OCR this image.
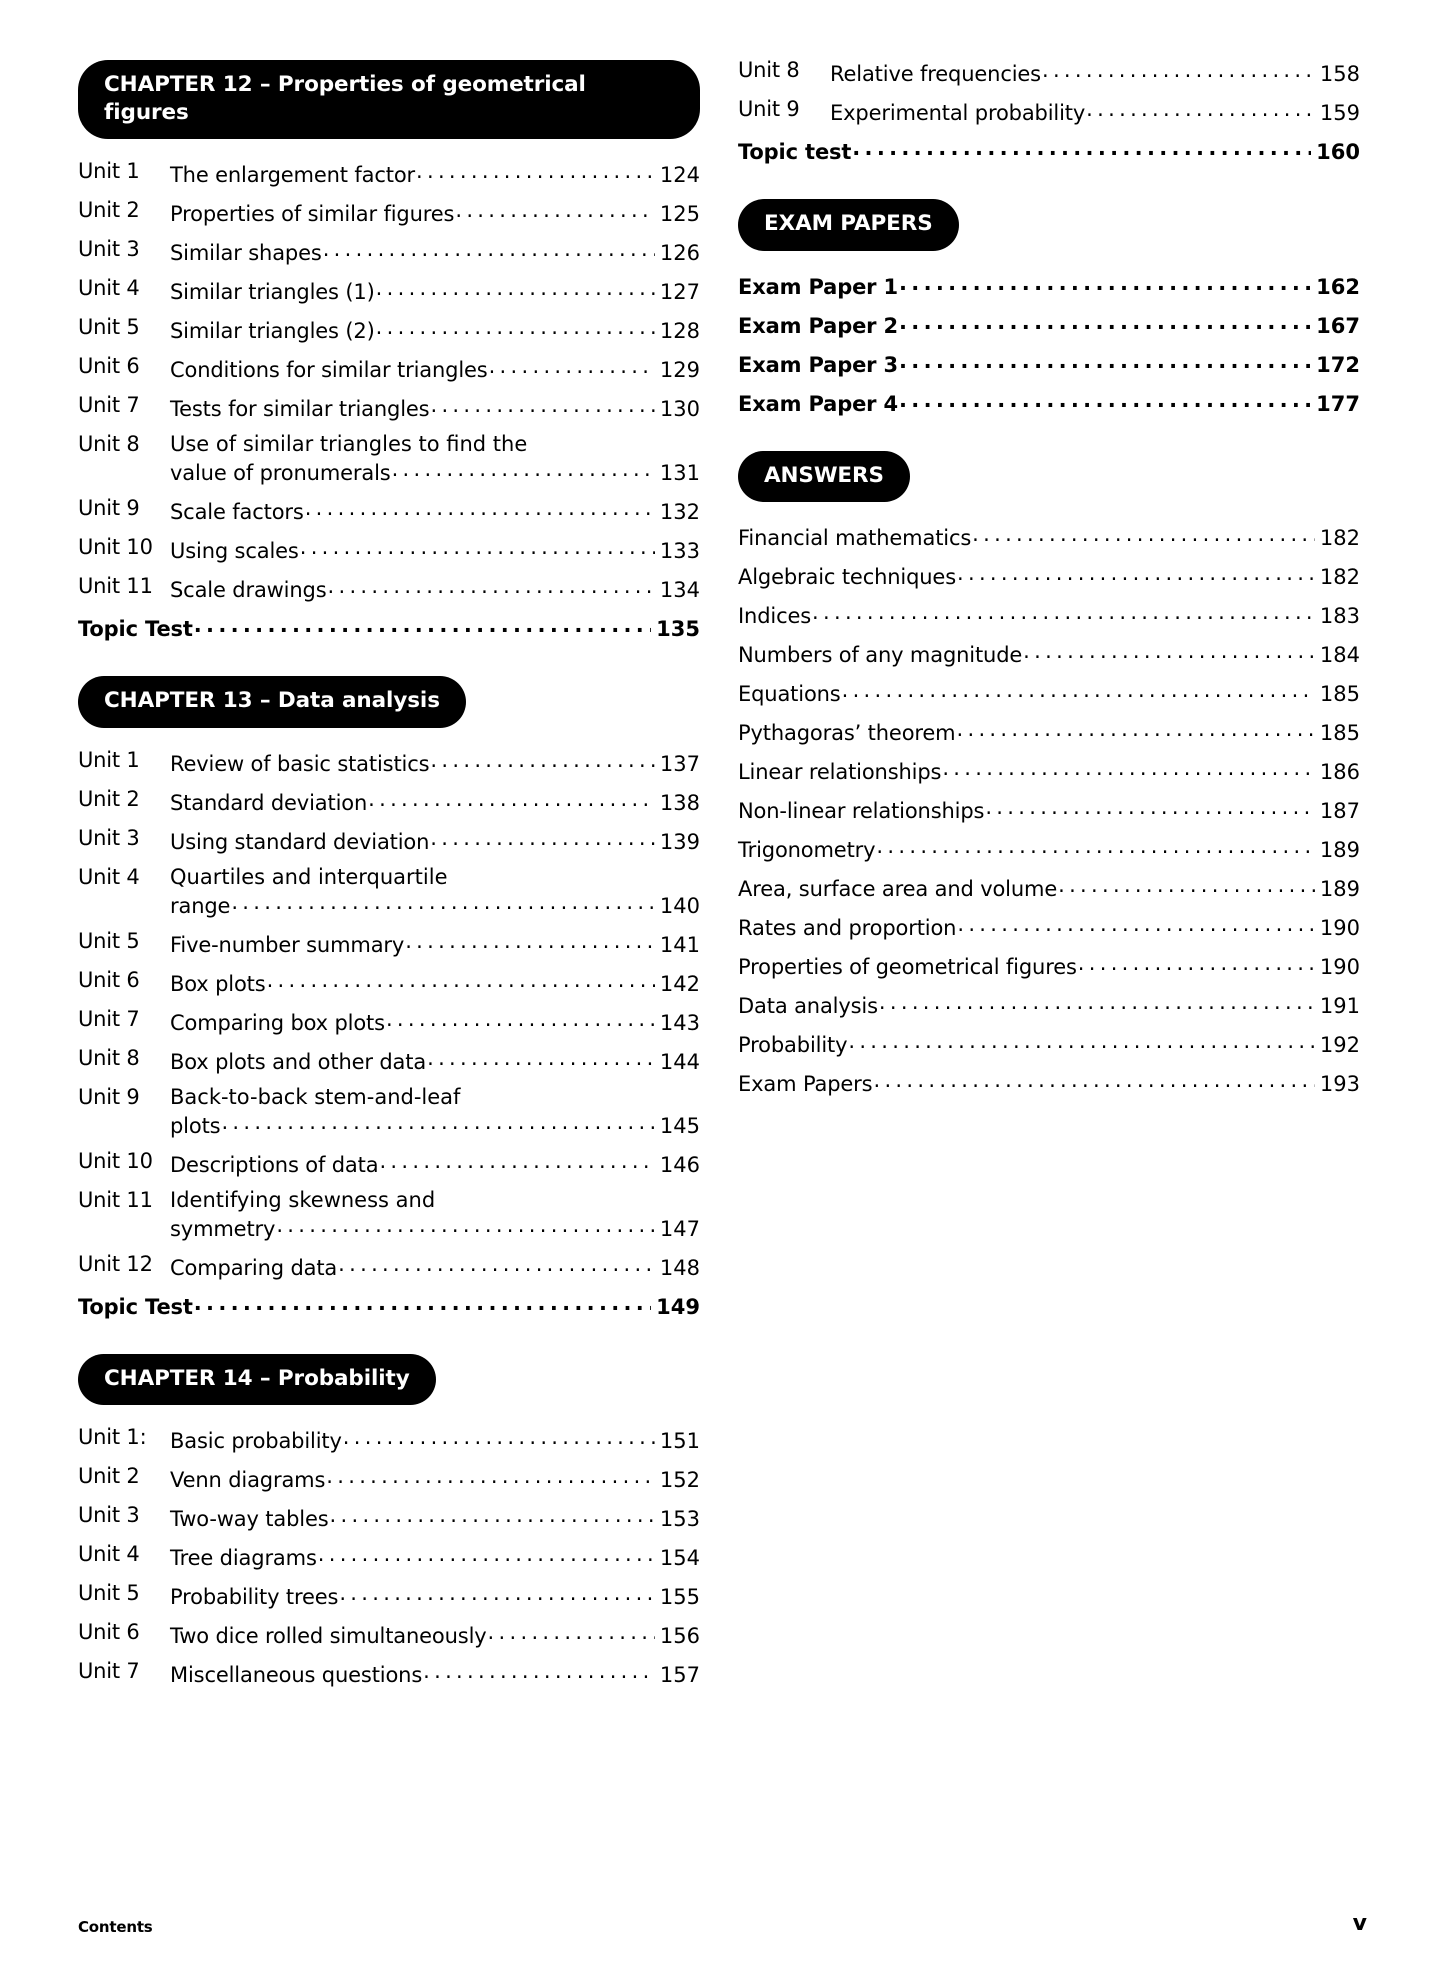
CHAPTER 12 – Properties of geometrical figures
Unit 1	The enlargement factor .....	124
Unit 2	Properties of similar figures .....	125
Unit 3	Similar shapes .....	126
Unit 4	Similar triangles (1) .....	127
Unit 5	Similar triangles (2) .....	128
Unit 6	Conditions for similar triangles .....	129
Unit 7	Tests for similar triangles .....	130
Unit 8	Use of similar triangles to find the
value of pronumerals .....	131
Unit 9	Scale factors .....	132
Unit 10 Using scales .....	133
Unit 11 Scale drawings .....	134
Topic Test .....	135
CHAPTER 13 – Data analysis
Unit 1	Review of basic statistics .....	137
Unit 2	Standard deviation .....	138
Unit 3	Using standard deviation .....	139
Unit 4	Quartiles and interquartile
range .....	140
Unit 5	Five-number summary .....	141
Unit 6	Box plots .....	142
Unit 7	Comparing box plots .....	143
Unit 8	Box plots and other data .....	144
Unit 9	Back-to-back stem-and-leaf
plots .....	145
Unit 10 Descriptions of data .....	146
Unit 11 Identifying skewness and
symmetry .....	147
Unit 12 Comparing data .....	148
Topic Test .....	149
CHAPTER 14 – Probability
Unit 1:	Basic probability .....	151
Unit 2	Venn diagrams .....	152
Unit 3	Two-way tables .....	153
Unit 4	Tree diagrams .....	154
Unit 5	Probability trees .....	155
Unit 6	Two dice rolled simultaneously .....	156
Unit 7	Miscellaneous questions .....	157
Unit 8	Relative frequencies .....	158
Unit 9	Experimental probability .....	159
Topic test .....	160
EXAM PAPERS
Exam Paper 1 .....	162
Exam Paper 2 .....	167
Exam Paper 3 .....	172
Exam Paper 4 .....	177
ANSWERS
Financial mathematics .....	182
Algebraic techniques .....	182
Indices .....	183
Numbers of any magnitude .....	184
Equations .....	185
Pythagoras’ theorem .....	185
Linear relationships .....	186
Non-linear relationships .....	187
Trigonometry .....	189
Area, surface area and volume .....	189
Rates and proportion .....	190
Properties of geometrical figures .....	190
Data analysis .....	191
Probability .....	192
Exam Papers .....	193
Contents	v
